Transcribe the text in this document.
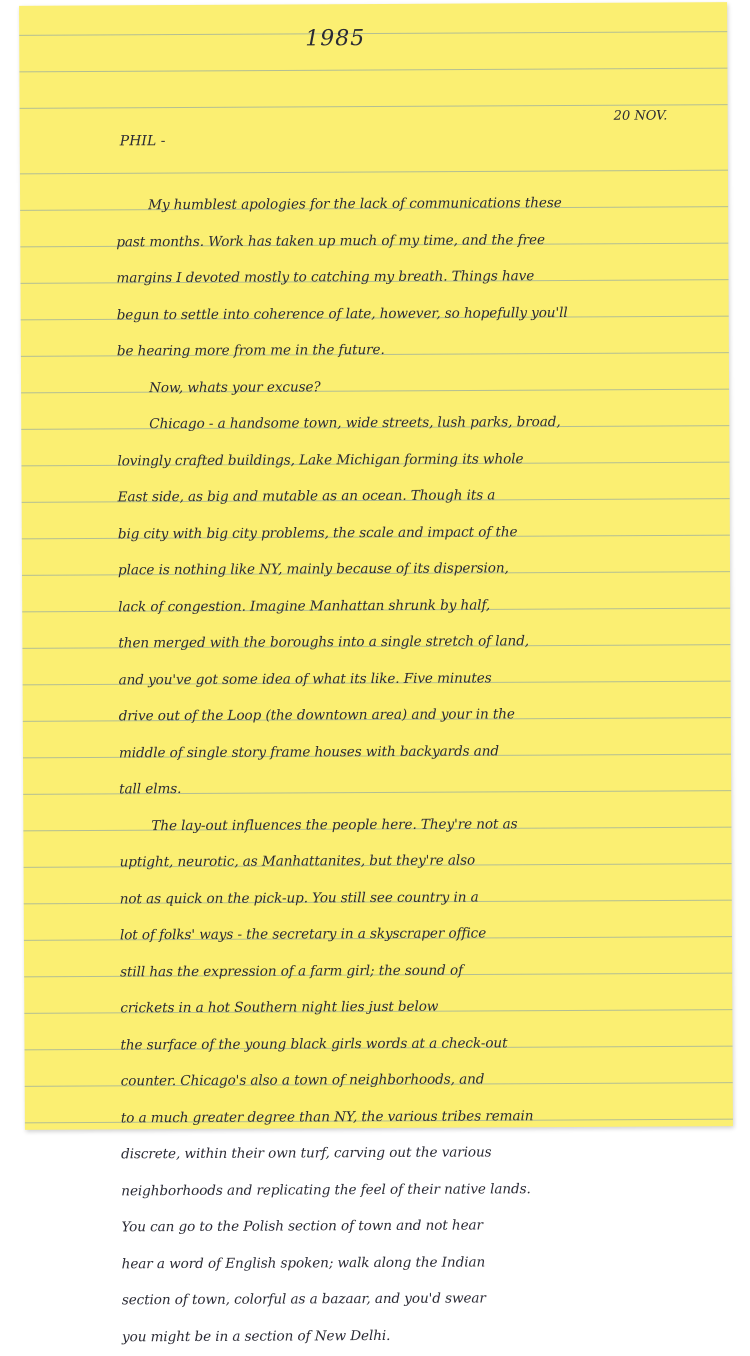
1985
20 NOV.
PHIL -
My humblest apologies for the lack of communications these
past months. Work has taken up much of my time, and the free
margins I devoted mostly to catching my breath. Things have
begun to settle into coherence of late, however, so hopefully you'll
be hearing more from me in the future.
Now, whats your excuse?
Chicago - a handsome town, wide streets, lush parks, broad,
lovingly crafted buildings, Lake Michigan forming its whole
East side, as big and mutable as an ocean. Though its a
big city with big city problems, the scale and impact of the
place is nothing like NY, mainly because of its dispersion,
lack of congestion. Imagine Manhattan shrunk by half,
then merged with the boroughs into a single stretch of land,
and you've got some idea of what its like. Five minutes
drive out of the Loop (the downtown area) and your in the
middle of single story frame houses with backyards and
tall elms.
The lay-out influences the people here. They're not as
uptight, neurotic, as Manhattanites, but they're also
not as quick on the pick-up. You still see country in a
lot of folks' ways - the secretary in a skyscraper office
still has the expression of a farm girl; the sound of
crickets in a hot Southern night lies just below
the surface of the young black girls words at a check-out
counter. Chicago's also a town of neighborhoods, and
to a much greater degree than NY, the various tribes remain
discrete, within their own turf, carving out the various
neighborhoods and replicating the feel of their native lands.
You can go to the Polish section of town and not hear
hear a word of English spoken; walk along the Indian
section of town, colorful as a bazaar, and you'd swear
you might be in a section of New Delhi.
